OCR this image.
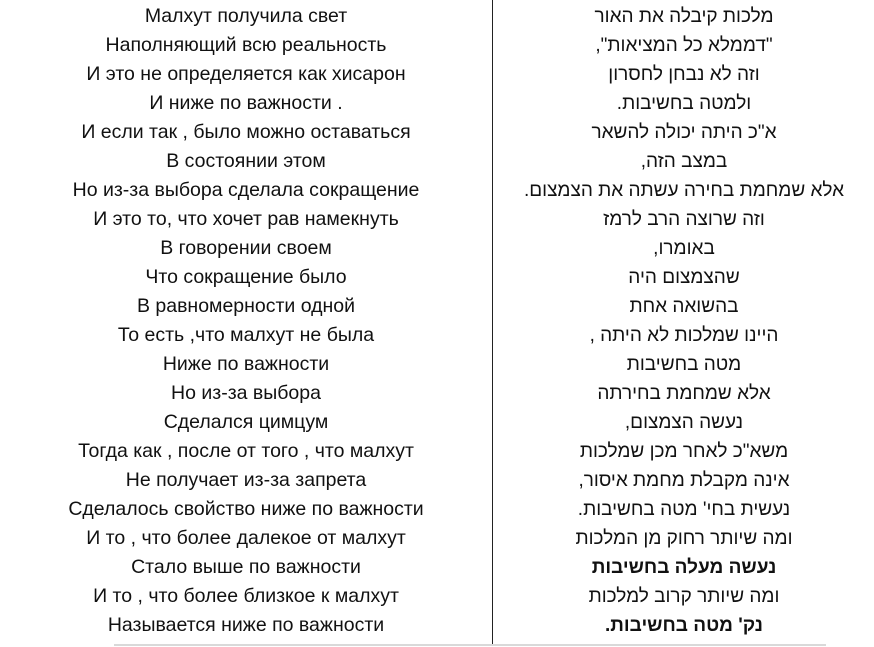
Малхут получила свет
Наполняющий всю реальность
И это не определяется как хисарон
И ниже по важности .
И если так , было можно оставаться
В состоянии этом
Но из-за выбора сделала сокращение
И это то, что хочет рав намекнуть
В говорении своем
Что сокращение было
В равномерности одной
То есть ,что малхут не была
Ниже по важности
Но из-за выбора
Сделался цимцум
Тогда как , после от того , что малхут
Не получает из-за запрета
Сделалось свойство ниже по важности
И то , что более далекое от малхут
Стало выше по важности
И то , что более близкое к малхут
Называется ниже по важности
מלכות קיבלה את האור
"דממלא כל המציאות",
וזה לא נבחן לחסרון
ולמטה בחשיבות.
א"כ היתה יכולה להשאר
במצב הזה,
אלא שמחמת בחירה עשתה את הצמצום.
וזה שרוצה הרב לרמז
באומרו,
שהצמצום היה
בהשואה אחת
היינו שמלכות לא היתה ,
מטה בחשיבות
אלא שמחמת בחירתה
נעשה הצמצום,
משא"כ לאחר מכן שמלכות
אינה מקבלת מחמת איסור,
נעשית בחי' מטה בחשיבות.
ומה שיותר רחוק מן המלכות
נעשה מעלה בחשיבות
ומה שיותר קרוב למלכות
נק' מטה בחשיבות.
